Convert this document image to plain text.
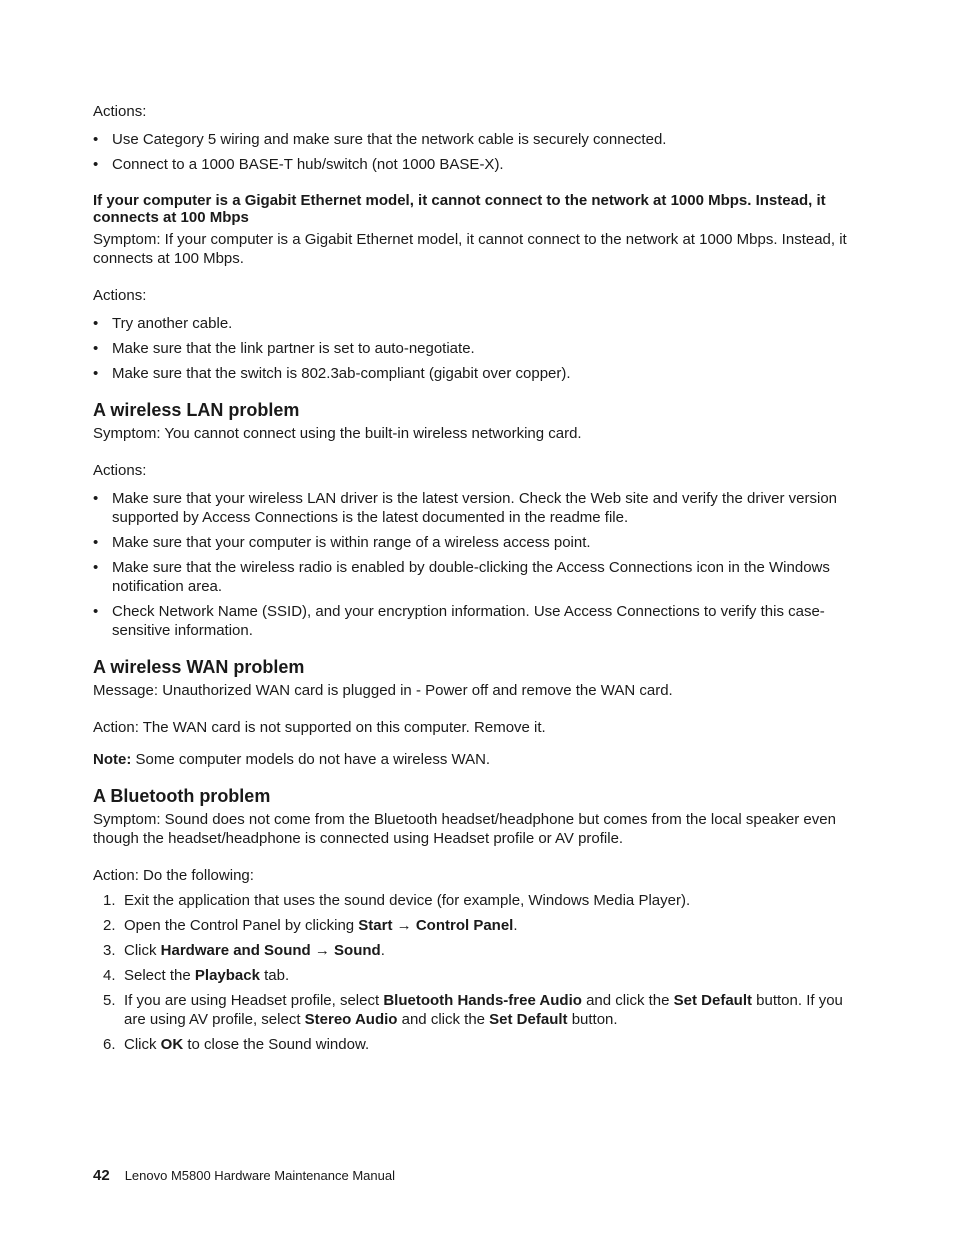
Actions:

• Use Category 5 wiring and make sure that the network cable is securely connected.
• Connect to a 1000 BASE-T hub/switch (not 1000 BASE-X).
If your computer is a Gigabit Ethernet model, it cannot connect to the network at 1000 Mbps. Instead, it connects at 100 Mbps

Symptom: If your computer is a Gigabit Ethernet model, it cannot connect to the network at 1000 Mbps. Instead, it connects at 100 Mbps.

Actions:

• Try another cable.
• Make sure that the link partner is set to auto-negotiate.
• Make sure that the switch is 802.3ab-compliant (gigabit over copper).
A wireless LAN problem

Symptom: You cannot connect using the built-in wireless networking card.

Actions:

• Make sure that your wireless LAN driver is the latest version. Check the Web site and verify the driver version supported by Access Connections is the latest documented in the readme file.
• Make sure that your computer is within range of a wireless access point.
• Make sure that the wireless radio is enabled by double-clicking the Access Connections icon in the Windows notification area.
• Check Network Name (SSID), and your encryption information. Use Access Connections to verify this case-sensitive information.
A wireless WAN problem

Message: Unauthorized WAN card is plugged in - Power off and remove the WAN card.

Action: The WAN card is not supported on this computer. Remove it.

Note: Some computer models do not have a wireless WAN.

A Bluetooth problem

Symptom: Sound does not come from the Bluetooth headset/headphone but comes from the local speaker even though the headset/headphone is connected using Headset profile or AV profile.

Action: Do the following:

1. Exit the application that uses the sound device (for example, Windows Media Player).
2. Open the Control Panel by clicking Start → Control Panel.
3. Click Hardware and Sound → Sound.
4. Select the Playback tab.
5. If you are using Headset profile, select Bluetooth Hands-free Audio and click the Set Default button. If you are using AV profile, select Stereo Audio and click the Set Default button.
6. Click OK to close the Sound window.
42 Lenovo M5800 Hardware Maintenance Manual
